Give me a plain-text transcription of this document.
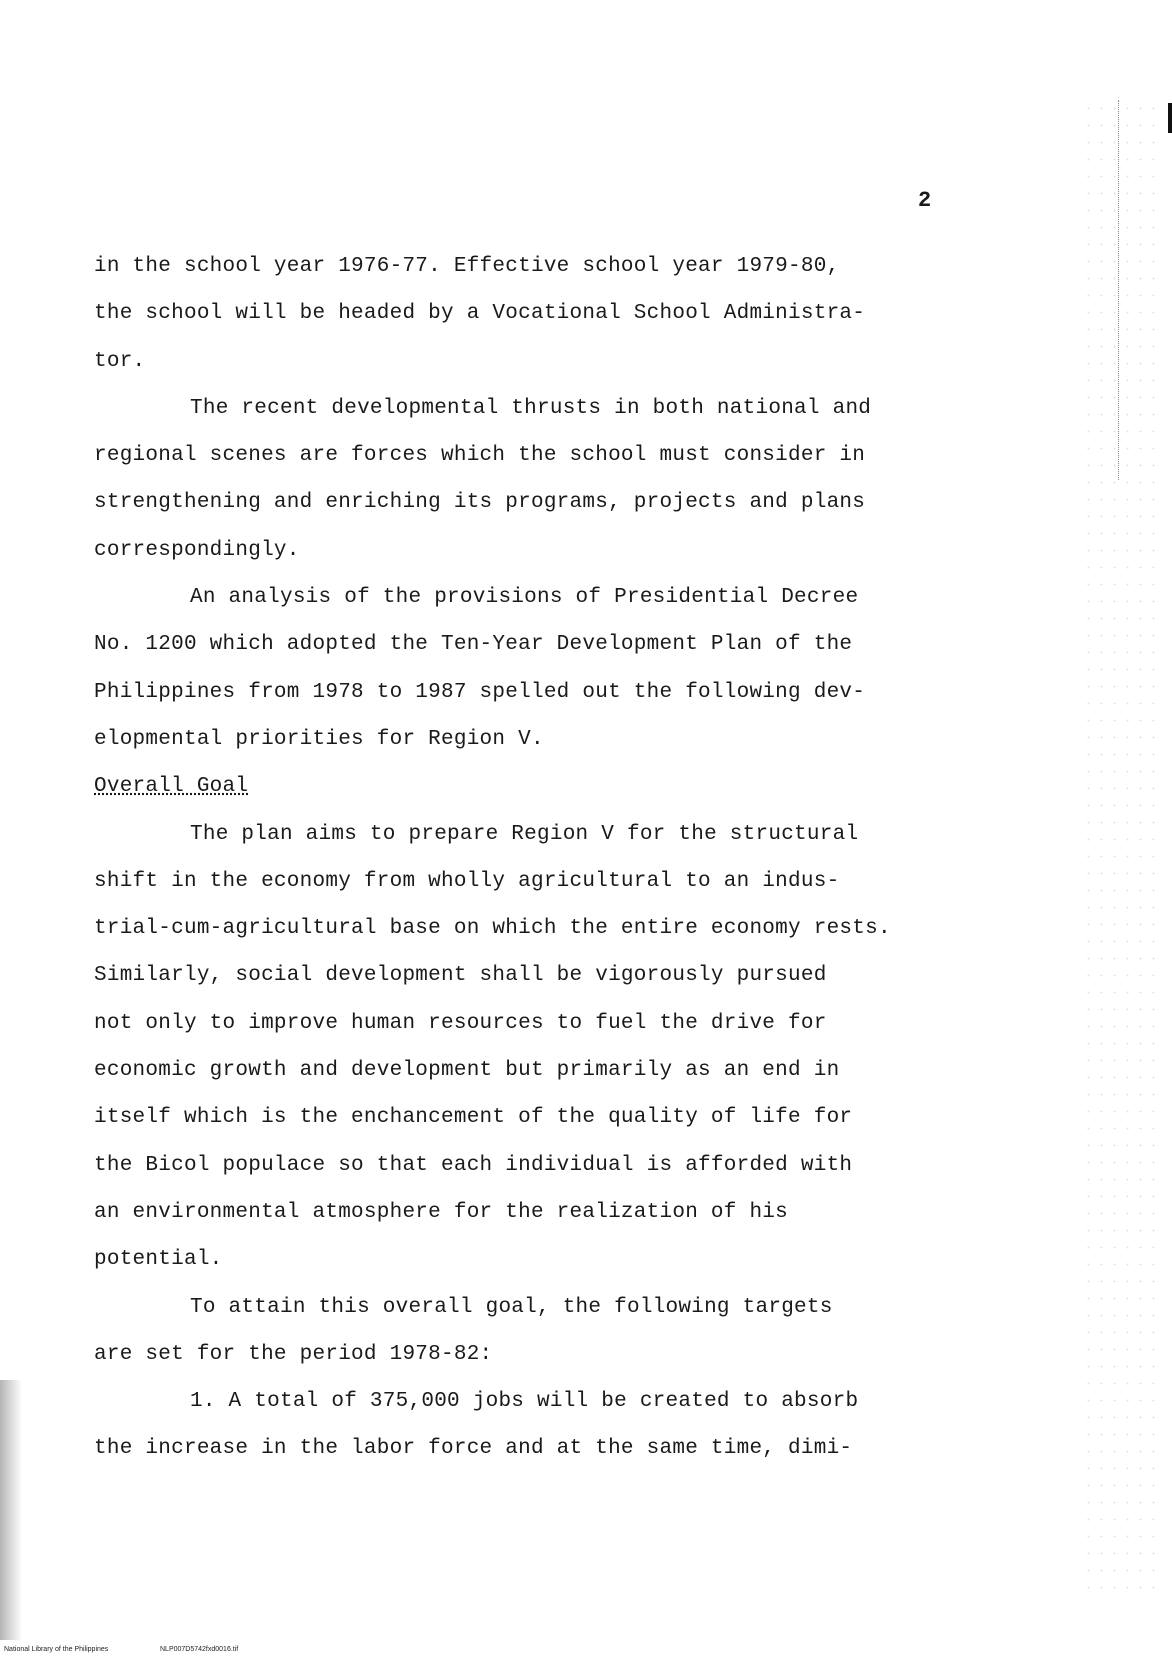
2
in the school year 1976-77. Effective school year 1979-80,
the school will be headed by a Vocational School Administra-
tor.
The recent developmental thrusts in both national and
regional scenes are forces which the school must consider in
strengthening and enriching its programs, projects and plans
correspondingly.
An analysis of the provisions of Presidential Decree
No. 1200 which adopted the Ten-Year Development Plan of the
Philippines from 1978 to 1987 spelled out the following dev-
elopmental priorities for Region V.
Overall Goal
The plan aims to prepare Region V for the structural
shift in the economy from wholly agricultural to an indus-
trial-cum-agricultural base on which the entire economy rests.
Similarly, social development shall be vigorously pursued
not only to improve human resources to fuel the drive for
economic growth and development but primarily as an end in
itself which is the enchancement of the quality of life for
the Bicol populace so that each individual is afforded with
an environmental atmosphere for the realization of his
potential.
To attain this overall goal, the following targets
are set for the period 1978-82:
1. A total of 375,000 jobs will be created to absorb
the increase in the labor force and at the same time, dimi-
National Library of the Philippines	NLP007D5742fxd0016.tif
